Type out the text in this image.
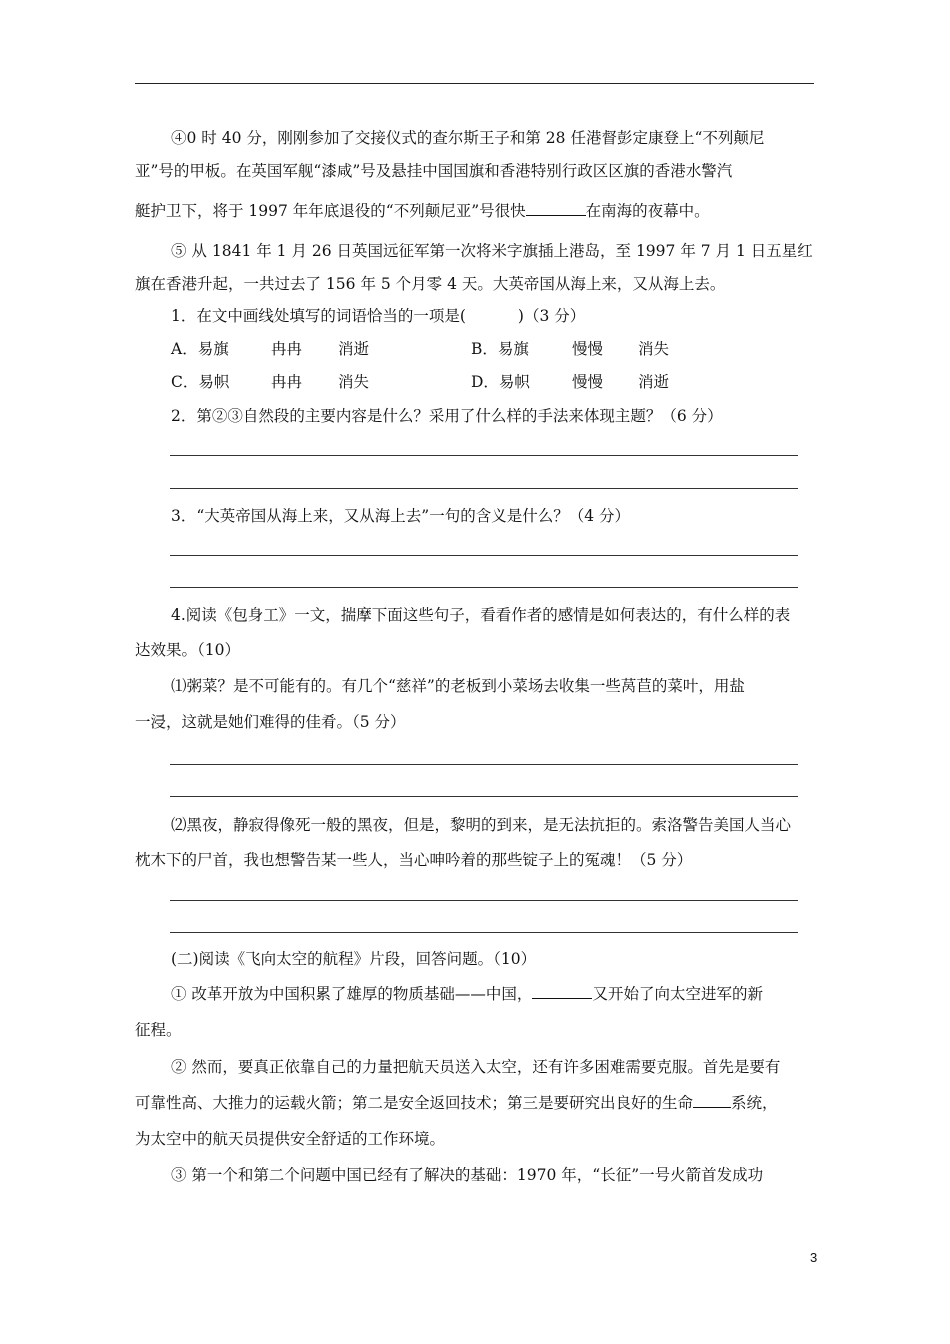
④0 时 40 分，刚刚参加了交接仪式的查尔斯王子和第 28 任港督彭定康登上“不列颠尼

亚”号的甲板。在英国军舰“漆咸”号及悬挂中国国旗和香港特别行政区区旗的香港水警汽

艇护卫下，将于 1997 年年底退役的“不列颠尼亚”号很快	在南海的夜幕中。

⑤ 从 1841 年 1 月 26 日英国远征军第一次将米字旗插上港岛，至 1997 年 7 月 1 日五星红

旗在香港升起，一共过去了 156 年 5 个月零 4 天。大英帝国从海上来，又从海上去。

1．在文中画线处填写的词语恰当的一项是(	)（3 分）

A．易旗	冉冉 消逝	B．易旗	慢慢 消失
C．易帜	冉冉 消失	D．易帜	慢慢 消逝

2．第②③自然段的主要内容是什么？采用了什么样的手法来体现主题？（6 分）

3．“大英帝国从海上来，又从海上去”一句的含义是什么？（4 分）

4.阅读《包身工》一文，揣摩下面这些句子，看看作者的感情是如何表达的，有什么样的表

达效果。（10）

⑴粥菜？是不可能有的。有几个“慈祥”的老板到小菜场去收集一些莴苣的菜叶，用盐

一浸，这就是她们难得的佳肴。（5 分）

⑵黑夜，静寂得像死一般的黑夜，但是，黎明的到来，是无法抗拒的。索洛警告美国人当心

枕木下的尸首，我也想警告某一些人，当心呻吟着的那些锭子上的冤魂！（5 分）

(二)阅读《飞向太空的航程》片段，回答问题。（10）

① 改革开放为中国积累了雄厚的物质基础——中国，	又开始了向太空进军的新

征程。

② 然而，要真正依靠自己的力量把航天员送入太空，还有许多困难需要克服。首先是要有

可靠性高、大推力的运载火箭；第二是安全返回技术；第三是要研究出良好的生命 系统，

为太空中的航天员提供安全舒适的工作环境。

③ 第一个和第二个问题中国已经有了解决的基础：1970 年，“长征”一号火箭首发成功

3
